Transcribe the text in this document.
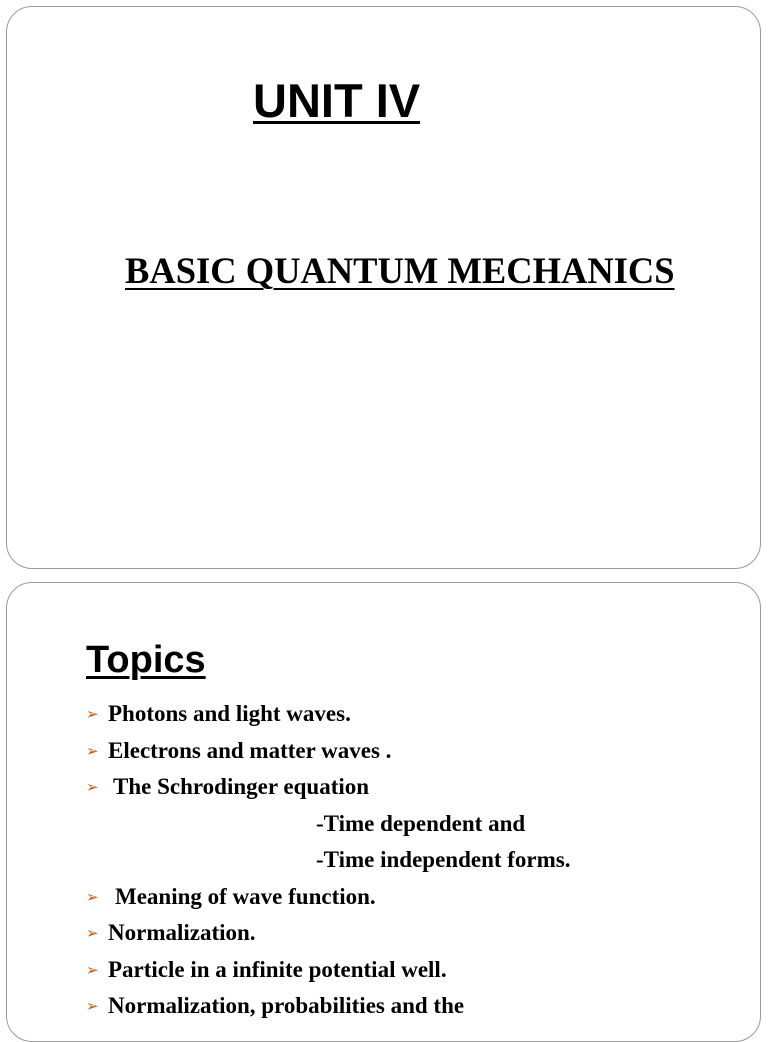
UNIT IV
BASIC QUANTUM MECHANICS
Topics
➢ Photons and light waves.
➢ Electrons and matter waves .
➢ The Schrodinger equation
-Time dependent and
-Time independent forms.
➢ Meaning of wave function.
➢ Normalization.
➢ Particle in a infinite potential well.
➢ Normalization, probabilities and the
